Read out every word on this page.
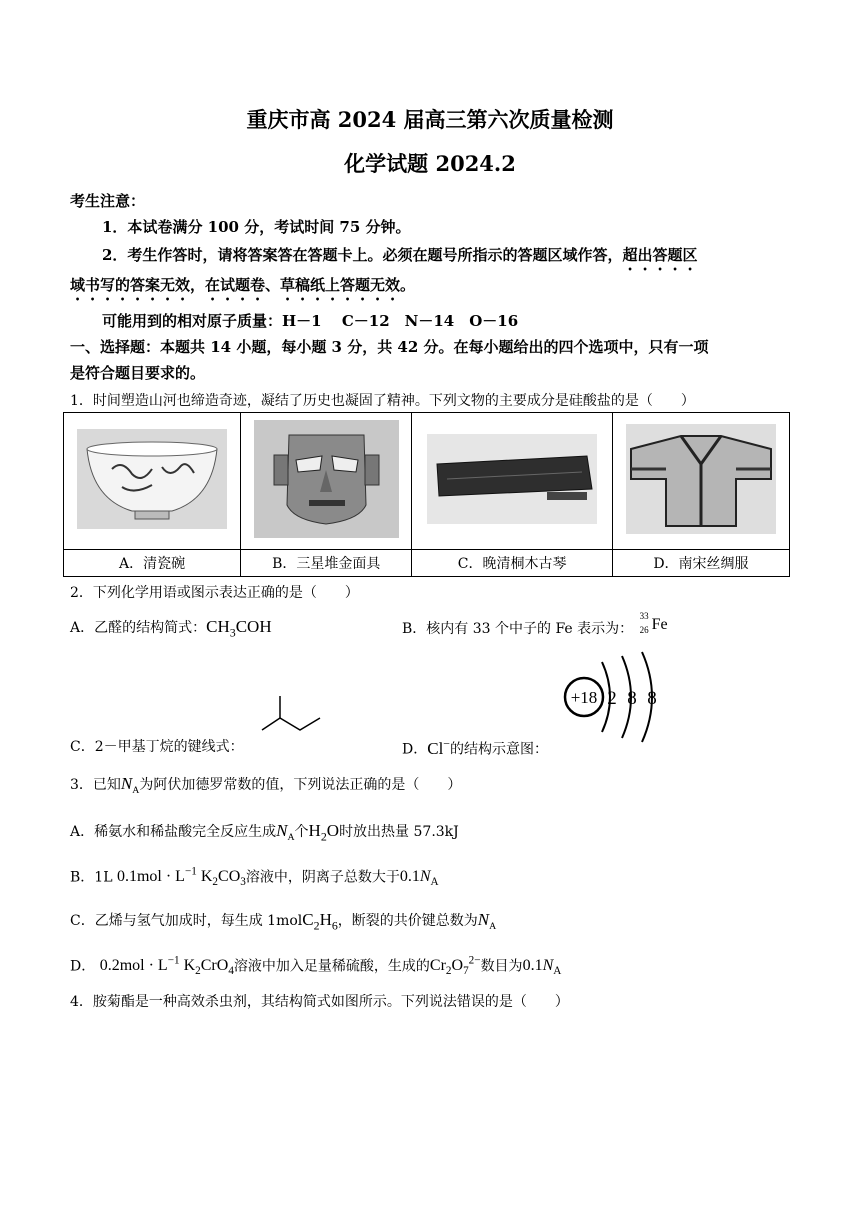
重庆市高 2024 届高三第六次质量检测
化学试题 2024.2
考生注意：
1．本试卷满分 100 分，考试时间 75 分钟。
2．考生作答时，请将答案答在答题卡上。必须在题号所指示的答题区域作答，超出答题区
域书写的答案无效，在试题卷、草稿纸上答题无效。
可能用到的相对原子质量：H－1　 C－12　N－14　O－16
一、选择题：本题共 14 小题，每小题 3 分，共 42 分。在每小题给出的四个选项中，只有一项
是符合题目要求的。
1．时间塑造山河也缔造奇迹，凝结了历史也凝固了精神。下列文物的主要成分是硅酸盐的是（　　）

A．清瓷碗	B．三星堆金面具	C．晚清桐木古琴	D．南宋丝绸服
2．下列化学用语或图示表达正确的是（　　）
A．乙醛的结构简式：$CH_3COH$	B．核内有 33 个中子的 Fe 表示为：
33
26 Fe
C．2－甲基丁烷的键线式：	D．Cl−的结构示意图：
+18 2 8 8
3．已知$N_A$为阿伏加德罗常数的值，下列说法正确的是（　　）
A．稀氨水和稀盐酸完全反应生成$N_A$个$H_2O$时放出热量 57.3kJ
B．1L $0.1mol \cdot L^{-1}$ $K_2CO_3$溶液中，阴离子总数大于$0.1N_A$
C．乙烯与氢气加成时，每生成 $1molC_2H_6$，断裂的共价键总数为$N_A$
D． $0.2mol \cdot L^{-1}$ $K_2CrO_4$溶液中加入足量稀硫酸，生成的$Cr_2O_7^{2-}$数目为$0.1N_A$
4．胺菊酯是一种高效杀虫剂，其结构简式如图所示。下列说法错误的是（　　）
